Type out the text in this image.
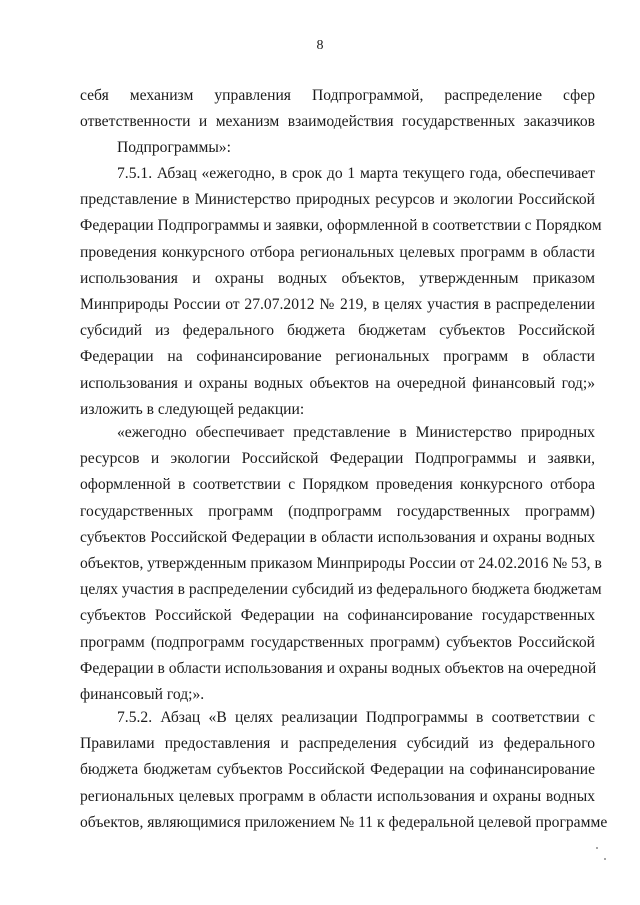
8
себя механизм управления Подпрограммой, распределение сфер
ответственности и механизм взаимодействия государственных заказчиков
Подпрограммы»:
7.5.1. Абзац «ежегодно, в срок до 1 марта текущего года, обеспечивает
представление в Министерство природных ресурсов и экологии Российской
Федерации Подпрограммы и заявки, оформленной в соответствии с Порядком
проведения конкурсного отбора региональных целевых программ в области
использования и охраны водных объектов, утвержденным приказом
Минприроды России от 27.07.2012 № 219, в целях участия в распределении
субсидий из федерального бюджета бюджетам субъектов Российской
Федерации на софинансирование региональных программ в области
использования и охраны водных объектов на очередной финансовый год;»
изложить в следующей редакции:
«ежегодно обеспечивает представление в Министерство природных
ресурсов и экологии Российской Федерации Подпрограммы и заявки,
оформленной в соответствии с Порядком проведения конкурсного отбора
государственных программ (подпрограмм государственных программ)
субъектов Российской Федерации в области использования и охраны водных
объектов, утвержденным приказом Минприроды России от 24.02.2016 № 53, в
целях участия в распределении субсидий из федерального бюджета бюджетам
субъектов Российской Федерации на софинансирование государственных
программ (подпрограмм государственных программ) субъектов Российской
Федерации в области использования и охраны водных объектов на очередной
финансовый год;».
7.5.2. Абзац «В целях реализации Подпрограммы в соответствии с
Правилами предоставления и распределения субсидий из федерального
бюджета бюджетам субъектов Российской Федерации на софинансирование
региональных целевых программ в области использования и охраны водных
объектов, являющимися приложением № 11 к федеральной целевой программе
